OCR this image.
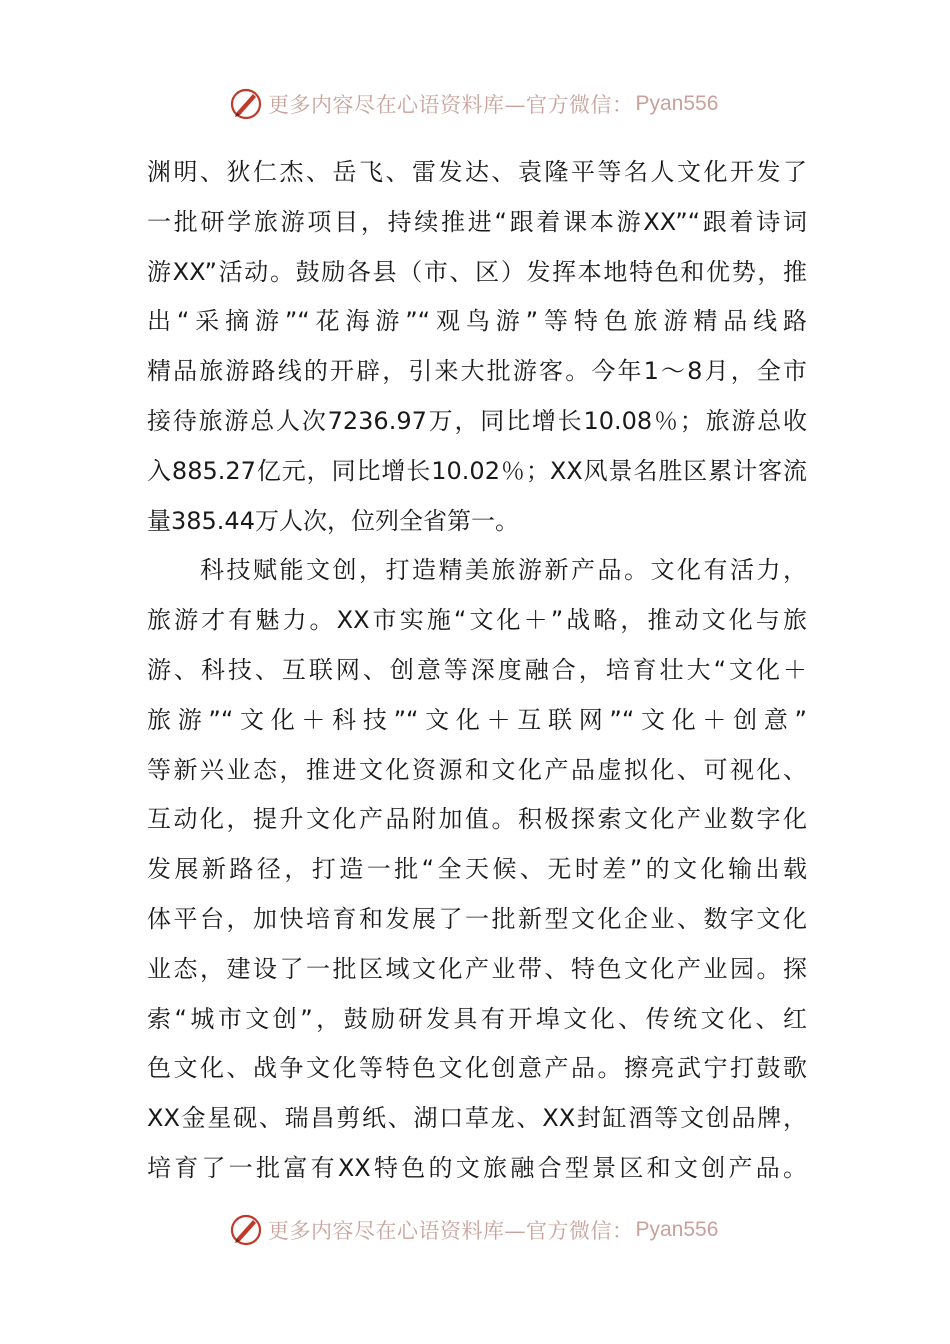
更多内容尽在心语资料库—官方微信： Pyan556
渊明、狄仁杰、岳飞、雷发达、袁隆平等名人文化开发了
一批研学旅游项目，持续推进“跟着课本游XX”“跟着诗词
游XX”活动。鼓励各县（市、区）发挥本地特色和优势，推
出“采摘游”“花海游”“观鸟游”等特色旅游精品线路
精品旅游路线的开辟，引来大批游客。今年1～8月，全市
接待旅游总人次7236.97万，同比增长10.08％；旅游总收
入885.27亿元，同比增长10.02％；XX风景名胜区累计客流
量385.44万人次，位列全省第一。
　　科技赋能文创，打造精美旅游新产品。文化有活力，
旅游才有魅力。XX市实施“文化＋”战略，推动文化与旅
游、科技、互联网、创意等深度融合，培育壮大“文化＋
旅游”“文化＋科技”“文化＋互联网”“文化＋创意”
等新兴业态，推进文化资源和文化产品虚拟化、可视化、
互动化，提升文化产品附加值。积极探索文化产业数字化
发展新路径，打造一批“全天候、无时差”的文化输出载
体平台，加快培育和发展了一批新型文化企业、数字文化
业态，建设了一批区域文化产业带、特色文化产业园。探
索“城市文创”，鼓励研发具有开埠文化、传统文化、红
色文化、战争文化等特色文化创意产品。擦亮武宁打鼓歌
XX金星砚、瑞昌剪纸、湖口草龙、XX封缸酒等文创品牌，
培育了一批富有XX特色的文旅融合型景区和文创产品。
更多内容尽在心语资料库—官方微信： Pyan556
